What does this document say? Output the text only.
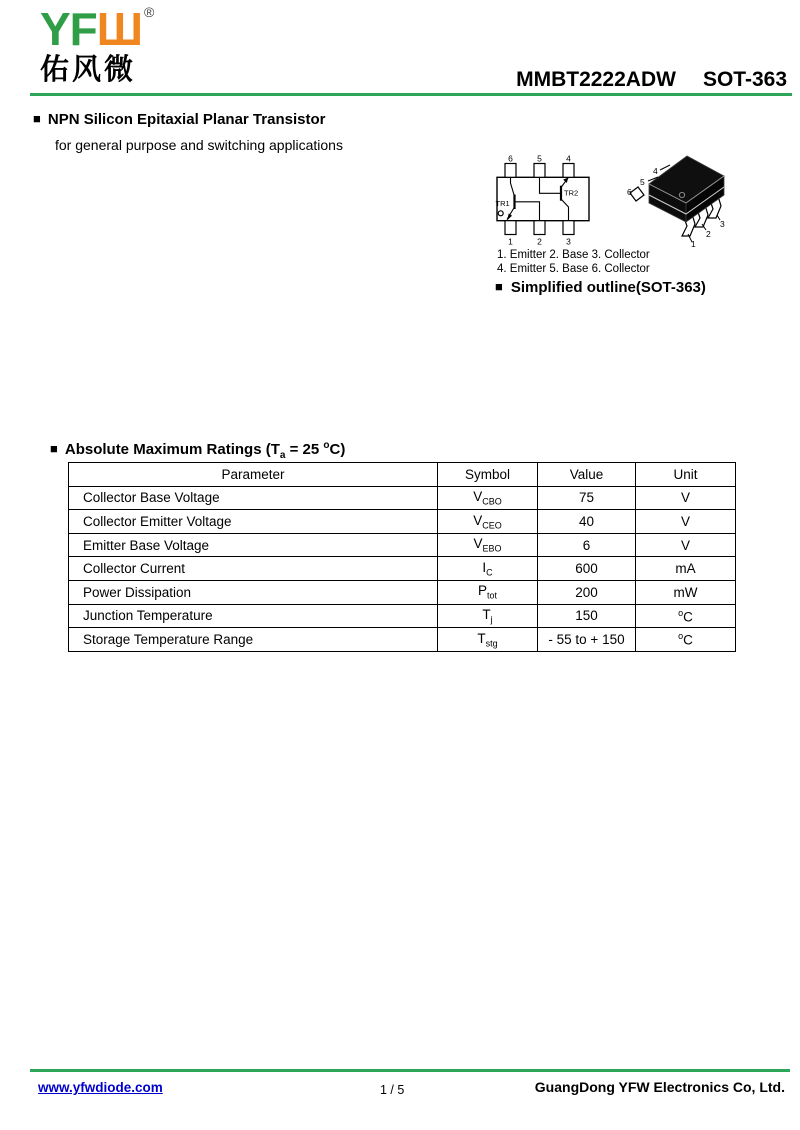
YFШ ®
佑风微	MMBT2222ADW SOT-363
■ NPN Silicon Epitaxial Planar Transistor
for general purpose and switching applications
6	5	4
1	2	3
TR1
TR2
4
5
6
1
2
3
1. Emitter 2. Base 3. Collector
4. Emitter 5. Base 6. Collector
■ Simplified outline(SOT-363)
■ Absolute Maximum Ratings ($T_a = 25$ $^o$C)
Parameter	Symbol	Value	Unit
Collector Base Voltage	$V_{CBO}$	75	V
Collector Emitter Voltage	$V_{CEO}$	40	V
Emitter Base Voltage	$V_{EBO}$	6	V
Collector Current	$I_C$	600	mA
Power Dissipation	$P_{tot}$	200	mW
Junction Temperature	$T_j$	150	$^o$C
Storage Temperature Range	$T_{stg}$	- 55 to + 150	$^o$C
www.yfwdiode.com	1 / 5	GuangDong YFW Electronics Co, Ltd.
